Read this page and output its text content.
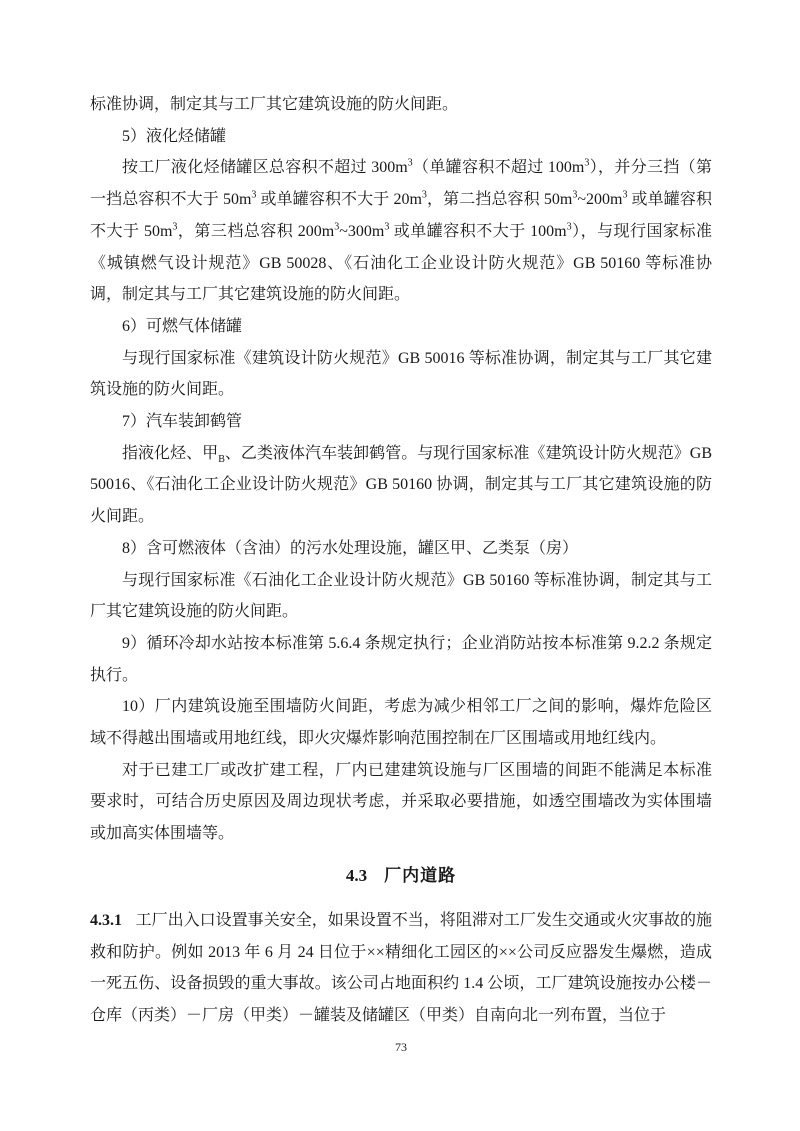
标准协调，制定其与工厂其它建筑设施的防火间距。

5）液化烃储罐

按工厂液化烃储罐区总容积不超过 $300m^3$（单罐容积不超过 $100m^3$），并分三挡（第一挡总容积不大于 $50m^3$ 或单罐容积不大于 $20m^3$，第二挡总容积 $50m^3\sim 200m^3$ 或单罐容积不大于 $50m^3$，第三档总容积 $200m^3\sim 300m^3$ 或单罐容积不大于 $100m^3$），与现行国家标准《城镇燃气设计规范》GB 50028、《石油化工企业设计防火规范》GB 50160 等标准协调，制定其与工厂其它建筑设施的防火间距。

6）可燃气体储罐

与现行国家标准《建筑设计防火规范》GB 50016 等标准协调，制定其与工厂其它建筑设施的防火间距。

7）汽车装卸鹤管

指液化烃、甲$_B$、乙类液体汽车装卸鹤管。与现行国家标准《建筑设计防火规范》GB 50016、《石油化工企业设计防火规范》GB 50160 协调，制定其与工厂其它建筑设施的防火间距。

8）含可燃液体（含油）的污水处理设施，罐区甲、乙类泵（房）

与现行国家标准《石油化工企业设计防火规范》GB 50160 等标准协调，制定其与工厂其它建筑设施的防火间距。

9）循环冷却水站按本标准第 5.6.4 条规定执行；企业消防站按本标准第 9.2.2 条规定执行。

10）厂内建筑设施至围墙防火间距，考虑为减少相邻工厂之间的影响，爆炸危险区域不得越出围墙或用地红线，即火灾爆炸影响范围控制在厂区围墙或用地红线内。

对于已建工厂或改扩建工程，厂内已建建筑设施与厂区围墙的间距不能满足本标准要求时，可结合历史原因及周边现状考虑，并采取必要措施，如透空围墙改为实体围墙或加高实体围墙等。

4.3 厂内道路

4.3.1 工厂出入口设置事关安全，如果设置不当，将阻滞对工厂发生交通或火灾事故的施救和防护。例如 2013 年 6 月 24 日位于××精细化工园区的××公司反应器发生爆燃，造成一死五伤、设备损毁的重大事故。该公司占地面积约 1.4 公顷，工厂建筑设施按办公楼－仓库（丙类）－厂房（甲类）－罐装及储罐区（甲类）自南向北一列布置，当位于

73
